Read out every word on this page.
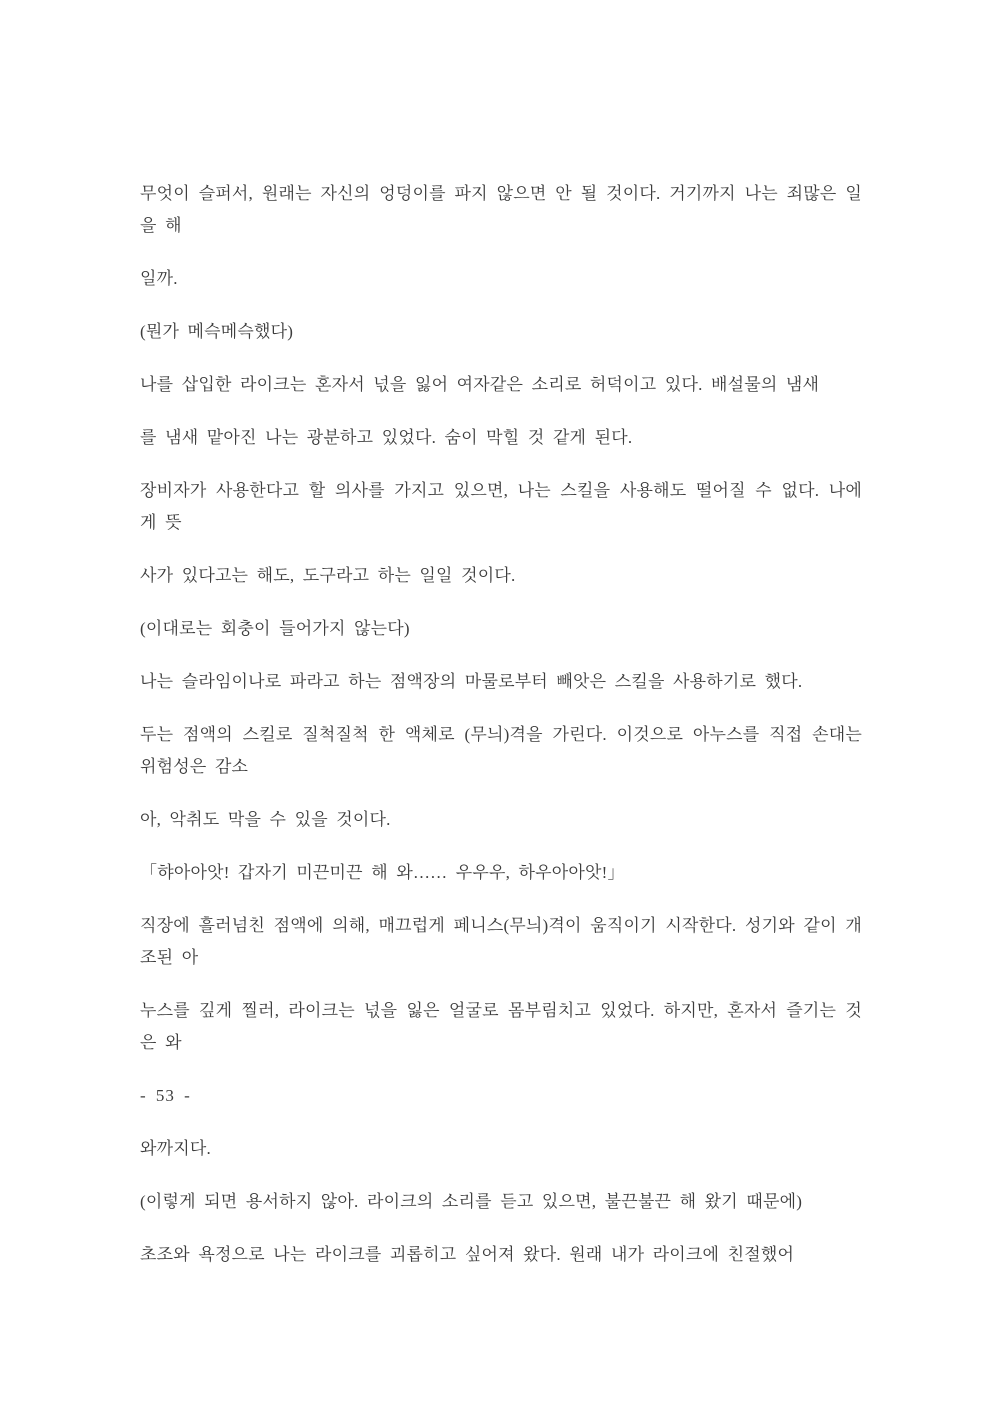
무엇이 슬퍼서, 원래는 자신의 엉덩이를 파지 않으면 안 될 것이다. 거기까지 나는 죄많은 일
을 해
일까.
(뭔가 메슥메슥했다)
나를 삽입한 라이크는 혼자서 넋을 잃어 여자같은 소리로 허덕이고 있다. 배설물의 냄새
를 냄새 맡아진 나는 광분하고 있었다. 숨이 막힐 것 같게 된다.
장비자가 사용한다고 할 의사를 가지고 있으면, 나는 스킬을 사용해도 떨어질 수 없다. 나에
게 뜻
사가 있다고는 해도, 도구라고 하는 일일 것이다.
(이대로는 회충이 들어가지 않는다)
나는 슬라임이나로 파라고 하는 점액장의 마물로부터 빼앗은 스킬을 사용하기로 했다.
두는 점액의 스킬로 질척질척 한 액체로 (무늬)격을 가린다. 이것으로 아누스를 직접 손대는
위험성은 감소
아, 악취도 막을 수 있을 것이다.
「햐아아앗! 갑자기 미끈미끈 해 와…… 우우우, 하우아아앗!」
직장에 흘러넘친 점액에 의해, 매끄럽게 페니스(무늬)격이 움직이기 시작한다. 성기와 같이 개
조된 아
누스를 깊게 찔러, 라이크는 넋을 잃은 얼굴로 몸부림치고 있었다. 하지만, 혼자서 즐기는 것
은 와
- 53 -
와까지다.
(이렇게 되면 용서하지 않아. 라이크의 소리를 듣고 있으면, 불끈불끈 해 왔기 때문에)
초조와 욕정으로 나는 라이크를 괴롭히고 싶어져 왔다. 원래 내가 라이크에 친절했어
